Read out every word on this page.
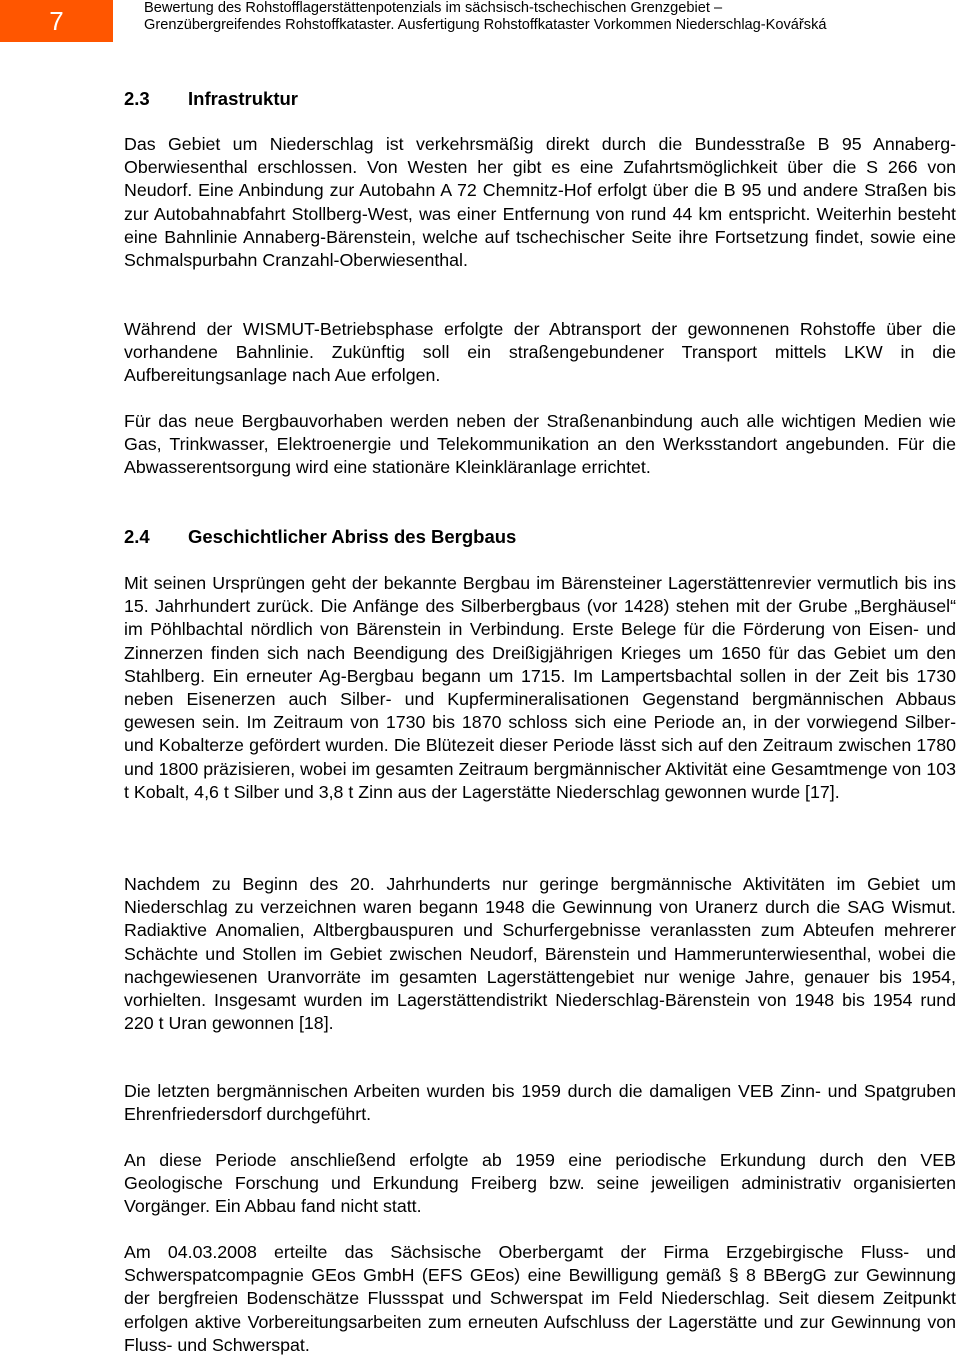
7	Bewertung des Rohstofflagerstättenpotenzials im sächsisch-tschechischen Grenzgebiet –
Grenzübergreifendes Rohstoffkataster. Ausfertigung Rohstoffkataster Vorkommen Niederschlag-Kovářská
2.3 Infrastruktur

Das Gebiet um Niederschlag ist verkehrsmäßig direkt durch die Bundesstraße B 95 Annaberg-Oberwiesenthal erschlossen. Von Westen her gibt es eine Zufahrtsmöglichkeit über die S 266 von Neudorf. Eine Anbindung zur Autobahn A 72 Chemnitz-Hof erfolgt über die B 95 und andere Straßen bis zur Autobahnabfahrt Stollberg-West, was einer Entfernung von rund 44 km entspricht. Weiterhin besteht eine Bahnlinie Annaberg-Bärenstein, welche auf tschechischer Seite ihre Fortsetzung findet, sowie eine Schmalspurbahn Cranzahl-Oberwiesenthal.

Während der WISMUT-Betriebsphase erfolgte der Abtransport der gewonnenen Rohstoffe über die vorhandene Bahnlinie. Zukünftig soll ein straßengebundener Transport mittels LKW in die Aufbereitungsanlage nach Aue erfolgen.

Für das neue Bergbauvorhaben werden neben der Straßenanbindung auch alle wichtigen Medien wie Gas, Trinkwasser, Elektroenergie und Telekommunikation an den Werksstandort angebunden. Für die Abwasserentsorgung wird eine stationäre Kleinkläranlage errichtet.

2.4 Geschichtlicher Abriss des Bergbaus

Mit seinen Ursprüngen geht der bekannte Bergbau im Bärensteiner Lagerstättenrevier vermutlich bis ins 15. Jahrhundert zurück. Die Anfänge des Silberbergbaus (vor 1428) stehen mit der Grube „Berghäusel“ im Pöhlbachtal nördlich von Bärenstein in Verbindung. Erste Belege für die Förderung von Eisen- und Zinnerzen finden sich nach Beendigung des Dreißigjährigen Krieges um 1650 für das Gebiet um den Stahlberg. Ein erneuter Ag-Bergbau begann um 1715. Im Lampertsbachtal sollen in der Zeit bis 1730 neben Eisenerzen auch Silber- und Kupfermineralisationen Gegenstand bergmännischen Abbaus gewesen sein. Im Zeitraum von 1730 bis 1870 schloss sich eine Periode an, in der vorwiegend Silber- und Kobalterze gefördert wurden. Die Blütezeit dieser Periode lässt sich auf den Zeitraum zwischen 1780 und 1800 präzisieren, wobei im gesamten Zeitraum bergmännischer Aktivität eine Gesamtmenge von 103 t Kobalt, 4,6 t Silber und 3,8 t Zinn aus der Lagerstätte Niederschlag gewonnen wurde [17].

Nachdem zu Beginn des 20. Jahrhunderts nur geringe bergmännische Aktivitäten im Gebiet um Niederschlag zu verzeichnen waren begann 1948 die Gewinnung von Uranerz durch die SAG Wismut. Radiaktive Anomalien, Altbergbauspuren und Schurfergebnisse veranlassten zum Abteufen mehrerer Schächte und Stollen im Gebiet zwischen Neudorf, Bärenstein und Hammerunterwiesenthal, wobei die nachgewiesenen Uranvorräte im gesamten Lagerstättengebiet nur wenige Jahre, genauer bis 1954, vorhielten. Insgesamt wurden im Lagerstättendistrikt Niederschlag-Bärenstein von 1948 bis 1954 rund 220 t Uran gewonnen [18].

Die letzten bergmännischen Arbeiten wurden bis 1959 durch die damaligen VEB Zinn- und Spatgruben Ehrenfriedersdorf durchgeführt.

An diese Periode anschließend erfolgte ab 1959 eine periodische Erkundung durch den VEB Geologische Forschung und Erkundung Freiberg bzw. seine jeweiligen administrativ organisierten Vorgänger. Ein Abbau fand nicht statt.

Am 04.03.2008 erteilte das Sächsische Oberbergamt der Firma Erzgebirgische Fluss- und Schwerspatcompagnie GEos GmbH (EFS GEos) eine Bewilligung gemäß § 8 BBergG zur Gewinnung der bergfreien Bodenschätze Flussspat und Schwerspat im Feld Niederschlag. Seit diesem Zeitpunkt erfolgen aktive Vorbereitungsarbeiten zum erneuten Aufschluss der Lagerstätte und zur Gewinnung von Fluss- und Schwerspat.
